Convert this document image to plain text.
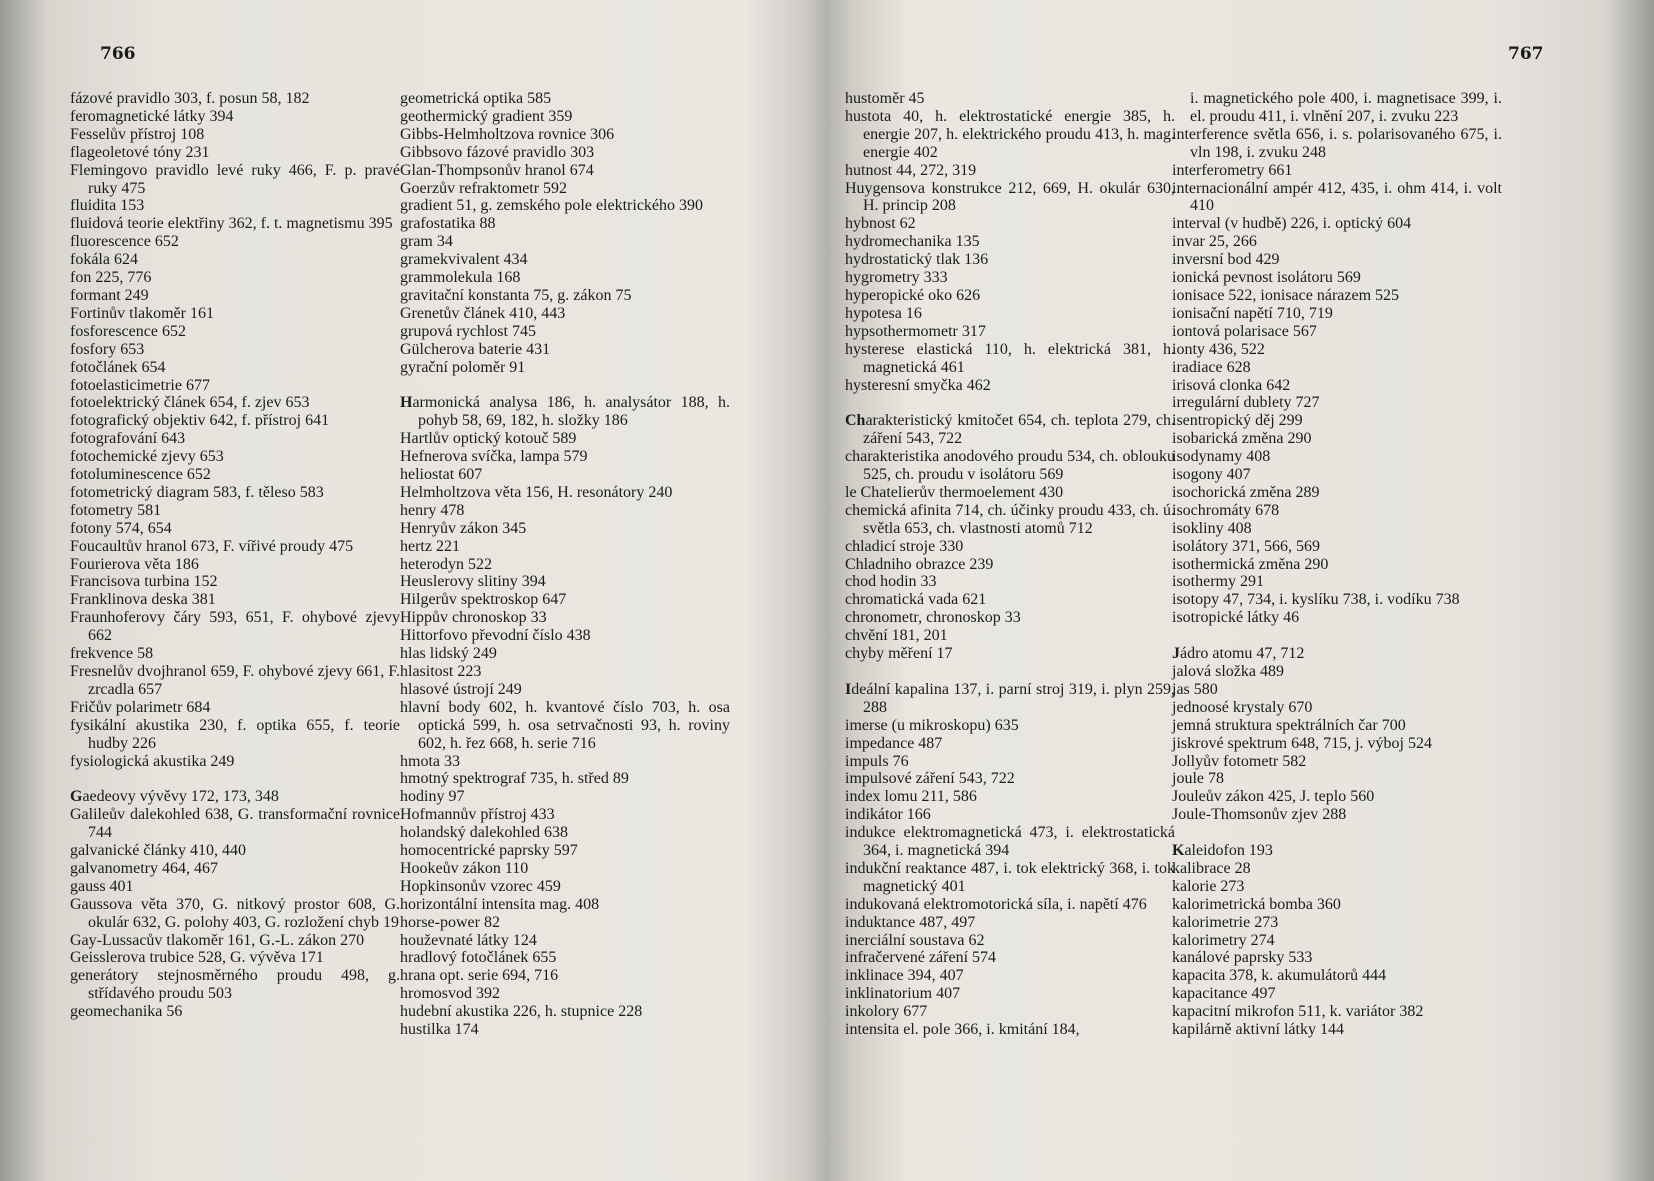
766

fázové pravidlo 303, f. posun 58, 182

feromagnetické látky 394

Fesselův přístroj 108

flageoletové tóny 231

Flemingovo pravidlo levé ruky 466, F. p. pravé ruky 475

fluidita 153

fluidová teorie elektřiny 362, f. t. magnetismu 395

fluorescence 652

fokála 624

fon 225, 776

formant 249

Fortinův tlakoměr 161

fosforescence 652

fosfory 653

fotočlánek 654

fotoelasticimetrie 677

fotoelektrický článek 654, f. zjev 653

fotografický objektiv 642, f. přístroj 641

fotografování 643

fotochemické zjevy 653

fotoluminescence 652

fotometrický diagram 583, f. těleso 583

fotometry 581

fotony 574, 654

Foucaultův hranol 673, F. vířivé proudy 475

Fourierova věta 186

Francisova turbina 152

Franklinova deska 381

Fraunhoferovy čáry 593, 651, F. ohybové zjevy 662

frekvence 58

Fresnelův dvojhranol 659, F. ohybové zjevy 661, F. zrcadla 657

Fričův polarimetr 684

fysikální akustika 230, f. optika 655, f. teorie hudby 226

fysiologická akustika 249

Gaedeovy vývěvy 172, 173, 348

Galileův dalekohled 638, G. transformační rovnice 744

galvanické články 410, 440

galvanometry 464, 467

gauss 401

Gaussova věta 370, G. nitkový prostor 608, G. okulár 632, G. polohy 403, G. rozložení chyb 19

Gay-Lussacův tlakoměr 161, G.-L. zákon 270

Geisslerova trubice 528, G. vývěva 171

generátory stejnosměrného proudu 498, g. střídavého proudu 503

geomechanika 56

geometrická optika 585

geothermický gradient 359

Gibbs-Helmholtzova rovnice 306

Gibbsovo fázové pravidlo 303

Glan-Thompsonův hranol 674

Goerzův refraktometr 592

gradient 51, g. zemského pole elektrického 390

grafostatika 88

gram 34

gramekvivalent 434

grammolekula 168

gravitační konstanta 75, g. zákon 75

Grenetův článek 410, 443

grupová rychlost 745

Gülcherova baterie 431

gyrační poloměr 91

Harmonická analysa 186, h. analysátor 188, h. pohyb 58, 69, 182, h. složky 186

Hartlův optický kotouč 589

Hefnerova svíčka, lampa 579

heliostat 607

Helmholtzova věta 156, H. resonátory 240

henry 478

Henryův zákon 345

hertz 221

heterodyn 522

Heuslerovy slitiny 394

Hilgerův spektroskop 647

Hippův chronoskop 33

Hittorfovo převodní číslo 438

hlas lidský 249

hlasitost 223

hlasové ústrojí 249

hlavní body 602, h. kvantové číslo 703, h. osa optická 599, h. osa setrvačnosti 93, h. roviny 602, h. řez 668, h. serie 716

hmota 33

hmotný spektrograf 735, h. střed 89

hodiny 97

Hofmannův přístroj 433

holandský dalekohled 638

homocentrické paprsky 597

Hookeův zákon 110

Hopkinsonův vzorec 459

horizontální intensita mag. 408

horse-power 82

houževnaté látky 124

hradlový fotočlánek 655

hrana opt. serie 694, 716

hromosvod 392

hudební akustika 226, h. stupnice 228

hustilka 174

767

hustoměr 45

hustota 40, h. elektrostatické energie 385, h. energie 207, h. elektrického proudu 413, h. mag. energie 402

hutnost 44, 272, 319

Huygensova konstrukce 212, 669, H. okulár 630, H. princip 208

hybnost 62

hydromechanika 135

hydrostatický tlak 136

hygrometry 333

hyperopické oko 626

hypotesa 16

hypsothermometr 317

hysterese elastická 110, h. elektrická 381, h. magnetická 461

hysteresní smyčka 462

Charakteristický kmitočet 654, ch. teplota 279, ch. záření 543, 722

charakteristika anodového proudu 534, ch. oblouku 525, ch. proudu v isolátoru 569

le Chatelierův thermoelement 430

chemická afinita 714, ch. účinky proudu 433, ch. ú. světla 653, ch. vlastnosti atomů 712

chladicí stroje 330

Chladniho obrazce 239

chod hodin 33

chromatická vada 621

chronometr, chronoskop 33

chvění 181, 201

chyby měření 17

Ideální kapalina 137, i. parní stroj 319, i. plyn 259, 288

imerse (u mikroskopu) 635

impedance 487

impuls 76

impulsové záření 543, 722

index lomu 211, 586

indikátor 166

indukce elektromagnetická 473, i. elektrostatická 364, i. magnetická 394

indukční reaktance 487, i. tok elektrický 368, i. tok magnetický 401

indukovaná elektromotorická síla, i. napětí 476

induktance 487, 497

inerciální soustava 62

infračervené záření 574

inklinace 394, 407

inklinatorium 407

inkolory 677

intensita el. pole 366, i. kmitání 184,

i. magnetického pole 400, i. magnetisace 399, i. el. proudu 411, i. vlnění 207, i. zvuku 223

interference světla 656, i. s. polarisovaného 675, i. vln 198, i. zvuku 248

interferometry 661

internacionální ampér 412, 435, i. ohm 414, i. volt 410

interval (v hudbě) 226, i. optický 604

invar 25, 266

inversní bod 429

ionická pevnost isolátoru 569

ionisace 522, ionisace nárazem 525

ionisační napětí 710, 719

iontová polarisace 567

ionty 436, 522

iradiace 628

irisová clonka 642

irregulární dublety 727

isentropický děj 299

isobarická změna 290

isodynamy 408

isogony 407

isochorická změna 289

isochromáty 678

isokliny 408

isolátory 371, 566, 569

isothermická změna 290

isothermy 291

isotopy 47, 734, i. kyslíku 738, i. vodíku 738

isotropické látky 46

Jádro atomu 47, 712

jalová složka 489

jas 580

jednoosé krystaly 670

jemná struktura spektrálních čar 700

jiskrové spektrum 648, 715, j. výboj 524

Jollyův fotometr 582

joule 78

Jouleův zákon 425, J. teplo 560

Joule-Thomsonův zjev 288

Kaleidofon 193

kalibrace 28

kalorie 273

kalorimetrická bomba 360

kalorimetrie 273

kalorimetry 274

kanálové paprsky 533

kapacita 378, k. akumulátorů 444

kapacitance 497

kapacitní mikrofon 511, k. variátor 382

kapilárně aktivní látky 144
